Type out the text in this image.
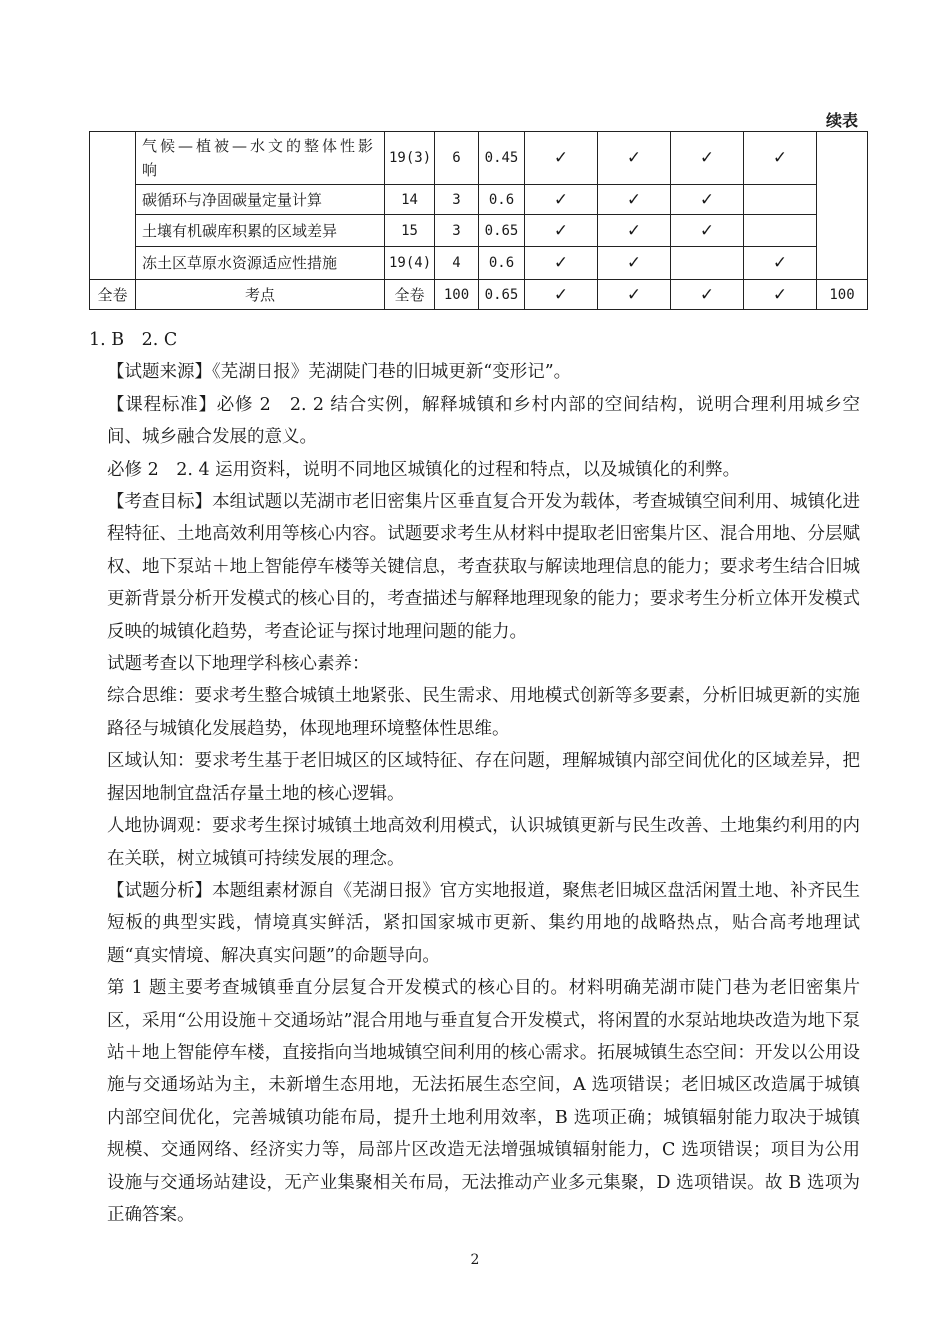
续表
	气候—植被—水文的整体性影响	19(3)	6	0.45	✓	✓	✓	✓	
	碳循环与净固碳量定量计算	14	3	0.6	✓	✓	✓		
	土壤有机碳库积累的区域差异	15	3	0.65	✓	✓	✓		
	冻土区草原水资源适应性措施	19(4)	4	0.6	✓	✓		✓	
全卷	考点	全卷	100	0.65	✓	✓	✓	✓	100

1. B　2. C

【试题来源】《芜湖日报》芜湖陡门巷的旧城更新“变形记”。

【课程标准】必修 2　2. 2 结合实例，解释城镇和乡村内部的空间结构，说明合理利用城乡空间、城乡融合发展的意义。

必修 2　2. 4 运用资料，说明不同地区城镇化的过程和特点，以及城镇化的利弊。

【考查目标】本组试题以芜湖市老旧密集片区垂直复合开发为载体，考查城镇空间利用、城镇化进程特征、土地高效利用等核心内容。试题要求考生从材料中提取老旧密集片区、混合用地、分层赋权、地下泵站＋地上智能停车楼等关键信息，考查获取与解读地理信息的能力；要求考生结合旧城更新背景分析开发模式的核心目的，考查描述与解释地理现象的能力；要求考生分析立体开发模式反映的城镇化趋势，考查论证与探讨地理问题的能力。

试题考查以下地理学科核心素养：

综合思维：要求考生整合城镇土地紧张、民生需求、用地模式创新等多要素，分析旧城更新的实施路径与城镇化发展趋势，体现地理环境整体性思维。

区域认知：要求考生基于老旧城区的区域特征、存在问题，理解城镇内部空间优化的区域差异，把握因地制宜盘活存量土地的核心逻辑。

人地协调观：要求考生探讨城镇土地高效利用模式，认识城镇更新与民生改善、土地集约利用的内在关联，树立城镇可持续发展的理念。

【试题分析】本题组素材源自《芜湖日报》官方实地报道，聚焦老旧城区盘活闲置土地、补齐民生短板的典型实践，情境真实鲜活，紧扣国家城市更新、集约用地的战略热点，贴合高考地理试题“真实情境、解决真实问题”的命题导向。

第 1 题主要考查城镇垂直分层复合开发模式的核心目的。材料明确芜湖市陡门巷为老旧密集片区，采用“公用设施＋交通场站”混合用地与垂直复合开发模式，将闲置的水泵站地块改造为地下泵站＋地上智能停车楼，直接指向当地城镇空间利用的核心需求。拓展城镇生态空间：开发以公用设施与交通场站为主，未新增生态用地，无法拓展生态空间，A 选项错误；老旧城区改造属于城镇内部空间优化，完善城镇功能布局，提升土地利用效率，B 选项正确；城镇辐射能力取决于城镇规模、交通网络、经济实力等，局部片区改造无法增强城镇辐射能力，C 选项错误；项目为公用设施与交通场站建设，无产业集聚相关布局，无法推动产业多元集聚，D 选项错误。故 B 选项为正确答案。

2
